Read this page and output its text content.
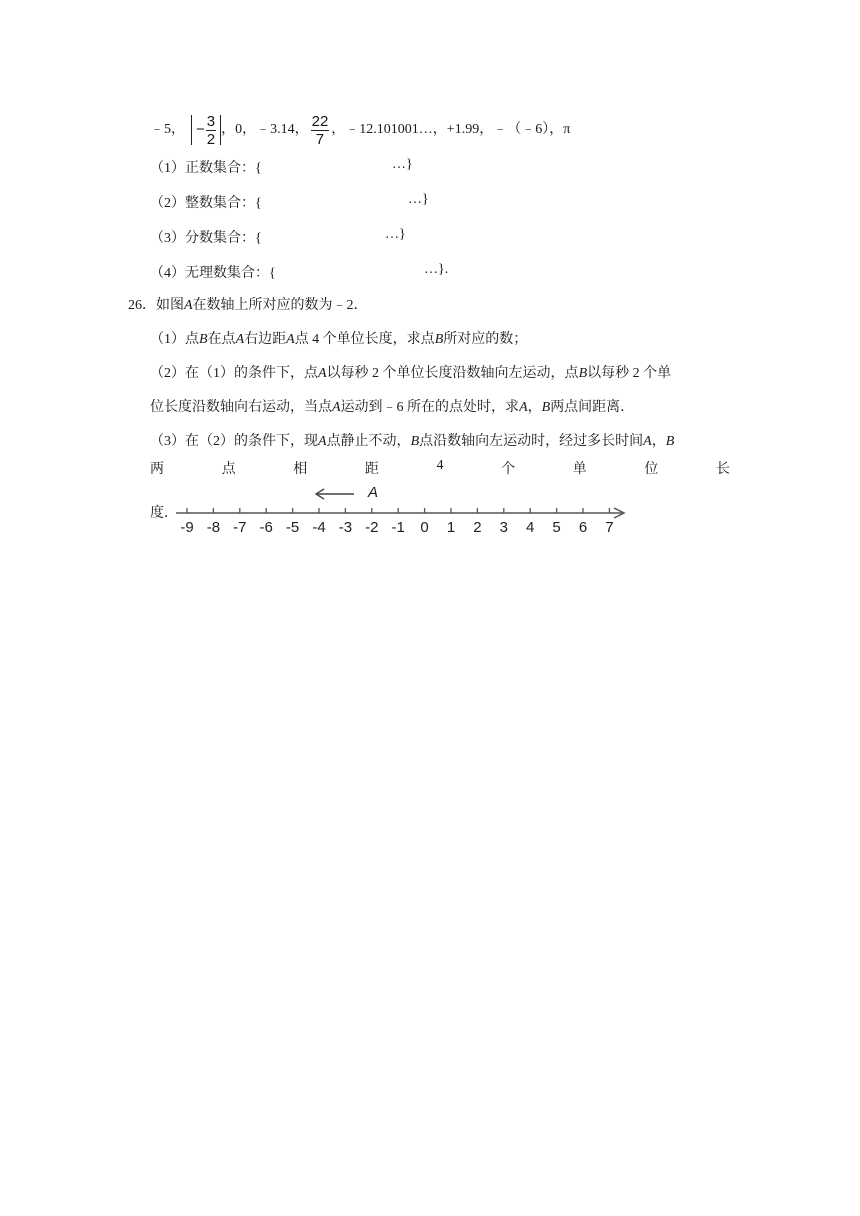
﹣5， − $\frac{3}{2}$ ，0，﹣3.14， $\frac{22}{7}$ ，﹣12.101001…，+1.99，﹣（﹣6），π
（1）正数集合：{	…}
（2）整数集合：{	…}
（3）分数集合：{	…}
（4）无理数集合：{	…}.
26．如图A在数轴上所对应的数为﹣2．
（1）点B在点A右边距A点 4 个单位长度，求点B所对应的数；
（2）在（1）的条件下，点A以每秒 2 个单位长度沿数轴向左运动，点B以每秒 2 个单
位长度沿数轴向右运动，当点A运动到﹣6 所在的点处时，求A，B两点间距离．
（3）在（2）的条件下，现A点静止不动，B点沿数轴向左运动时，经过多长时间A，B
两	点	相	距	4	个	单	位	长
度．
A
-9 -8 -7 -6 -5 -4 -3 -2 -1 0 1 2 3 4 5 6 7
